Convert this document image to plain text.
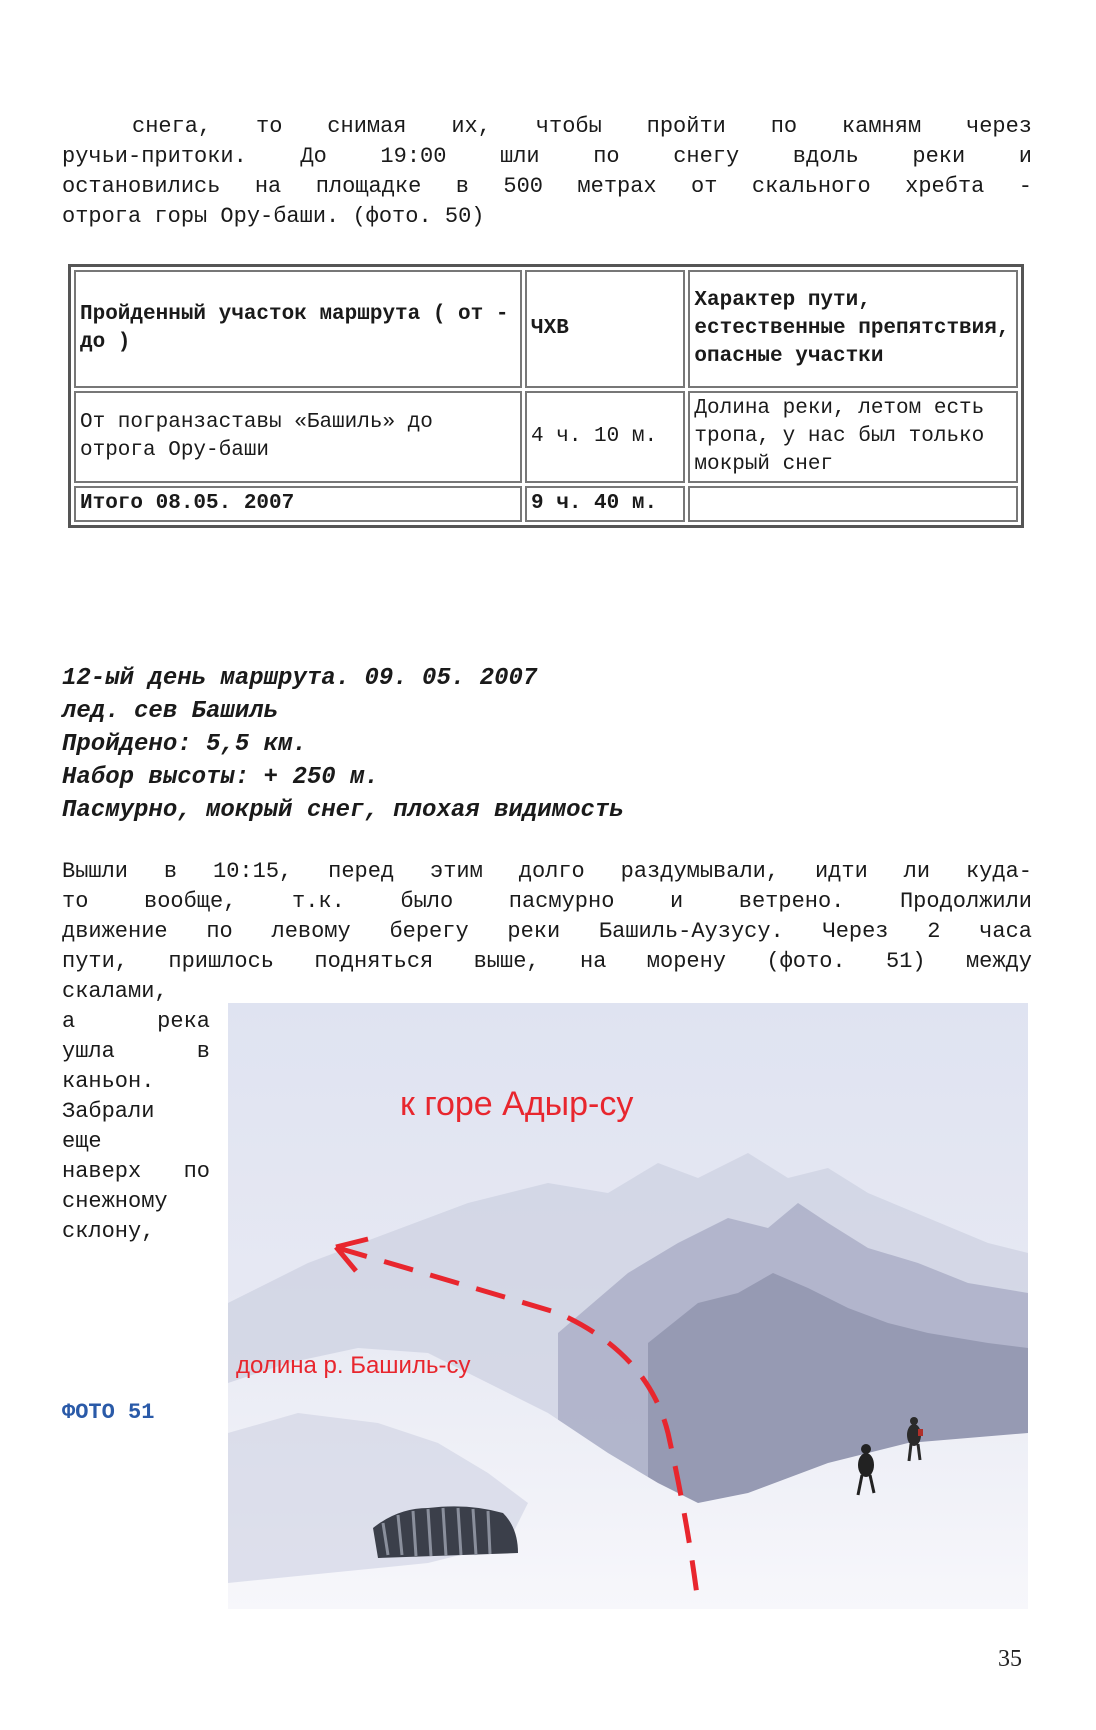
снега, то снимая их, чтобы пройти по камням через
ручьи-притоки. До 19:00 шли по снегу вдоль реки и
остановились на площадке в 500 метрах от скального хребта -
отрога горы Ору-баши. (фото. 50)
Пройденный участок маршрута ( от - до )	ЧХВ	Характер пути, естественные препятствия, опасные участки
От погранзаставы «Башиль» до отрога Ору-баши	4 ч. 10 м.	Долина реки, летом есть тропа, у нас был только мокрый снег
Итого 08.05. 2007	9 ч. 40 м.	
12-ый день маршрута. 09. 05. 2007
лед. сев Башиль
Пройдено: 5,5 км.
Набор высоты: + 250 м.
Пасмурно, мокрый снег, плохая видимость
Вышли в 10:15, перед этим долго раздумывали, идти ли куда-
то вообще, т.к. было пасмурно и ветрено. Продолжили
движение по левому берегу реки Башиль-Аузусу. Через 2 часа
пути, пришлось подняться выше, на морену (фото. 51) между
скалами,
а река
ушла в
каньон.
Забрали
еще
наверх по
снежному
склону,
ФОТО 51
к горе Адыр-су
долина р. Башиль-су
35
